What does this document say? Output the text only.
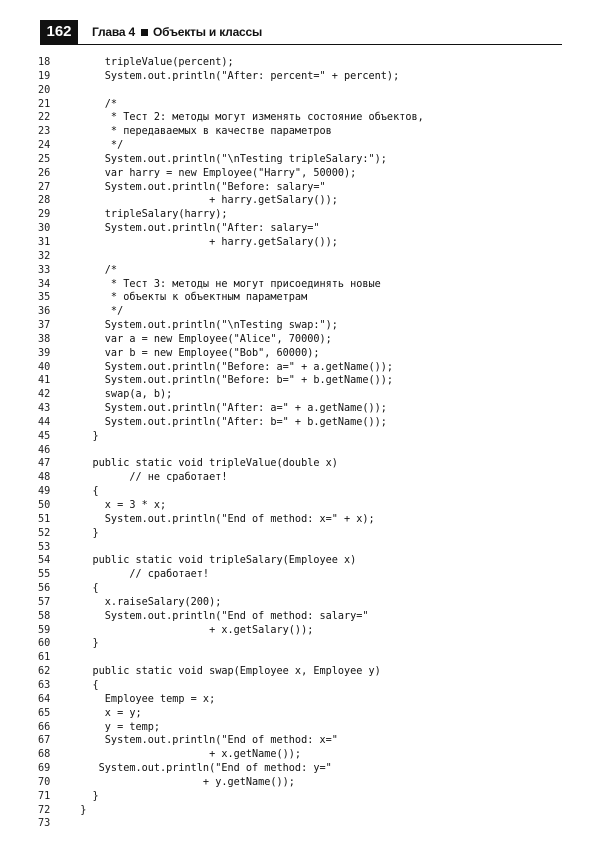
162	Глава 4 Объекты и классы
18	tripleValue(percent);
19	System.out.println("After: percent=" + percent);
20
21	/*
22	* Тест 2: методы могут изменять состояние объектов,
23	* передаваемых в качестве параметров
24	*/
25	System.out.println("\nTesting tripleSalary:");
26	var harry = new Employee("Harry", 50000);
27	System.out.println("Before: salary="
28	+ harry.getSalary());
29	tripleSalary(harry);
30	System.out.println("After: salary="
31	+ harry.getSalary());
32
33	/*
34	* Тест 3: методы не могут присоединять новые
35	* объекты к объектным параметрам
36	*/
37	System.out.println("\nTesting swap:");
38	var a = new Employee("Alice", 70000);
39	var b = new Employee("Bob", 60000);
40	System.out.println("Before: a=" + a.getName());
41	System.out.println("Before: b=" + b.getName());
42	swap(a, b);
43	System.out.println("After: a=" + a.getName());
44	System.out.println("After: b=" + b.getName());
45	}
46
47	public static void tripleValue(double x)
48	// не сработает!
49	{
50	x = 3 * x;
51	System.out.println("End of method: x=" + x);
52	}
53
54	public static void tripleSalary(Employee x)
55	// сработает!
56	{
57	x.raiseSalary(200);
58	System.out.println("End of method: salary="
59	+ x.getSalary());
60	}
61
62	public static void swap(Employee x, Employee y)
63	{
64	Employee temp = x;
65	x = y;
66	y = temp;
67	System.out.println("End of method: x="
68	+ x.getName());
69	System.out.println("End of method: y="
70	+ y.getName());
71	}
72	}
73
